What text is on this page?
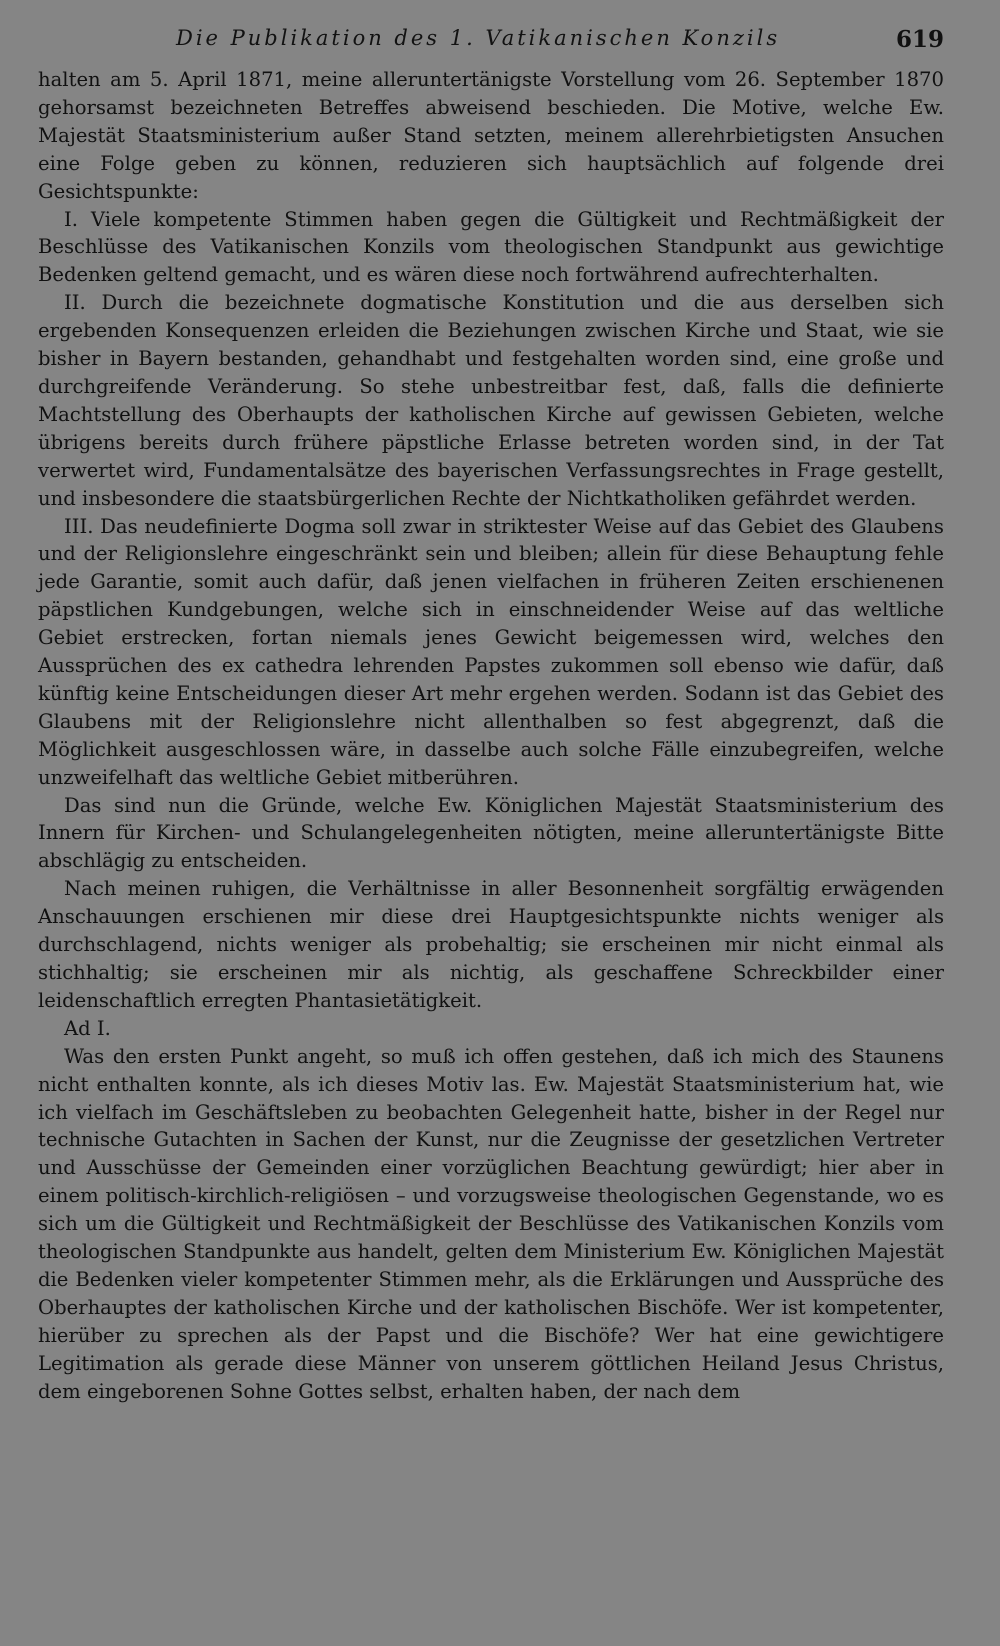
Die Publikation des 1. Vatikanischen Konzils	619

halten am 5. April 1871, meine alleruntertänigste Vorstellung vom 26. September 1870 gehorsamst bezeichneten Betreffes abweisend beschieden. Die Motive, welche Ew. Majestät Staatsministerium außer Stand setzten, meinem allerehrbietigsten Ansuchen eine Folge geben zu können, reduzieren sich hauptsächlich auf folgende drei Gesichtspunkte:

I. Viele kompetente Stimmen haben gegen die Gültigkeit und Rechtmäßigkeit der Beschlüsse des Vatikanischen Konzils vom theologischen Standpunkt aus gewichtige Bedenken geltend gemacht, und es wären diese noch fortwährend aufrechterhalten.

II. Durch die bezeichnete dogmatische Konstitution und die aus derselben sich ergebenden Konsequenzen erleiden die Beziehungen zwischen Kirche und Staat, wie sie bisher in Bayern bestanden, gehandhabt und festgehalten worden sind, eine große und durchgreifende Veränderung. So stehe unbestreitbar fest, daß, falls die definierte Machtstellung des Oberhaupts der katholischen Kirche auf gewissen Gebieten, welche übrigens bereits durch frühere päpstliche Erlasse betreten worden sind, in der Tat verwertet wird, Fundamentalsätze des bayerischen Verfassungsrechtes in Frage gestellt, und insbesondere die staatsbürgerlichen Rechte der Nichtkatholiken gefährdet werden.

III. Das neudefinierte Dogma soll zwar in striktester Weise auf das Gebiet des Glaubens und der Religionslehre eingeschränkt sein und bleiben; allein für diese Behauptung fehle jede Garantie, somit auch dafür, daß jenen vielfachen in früheren Zeiten erschienenen päpstlichen Kundgebungen, welche sich in einschneidender Weise auf das weltliche Gebiet erstrecken, fortan niemals jenes Gewicht beigemessen wird, welches den Aussprüchen des ex cathedra lehrenden Papstes zukommen soll ebenso wie dafür, daß künftig keine Entscheidungen dieser Art mehr ergehen werden. Sodann ist das Gebiet des Glaubens mit der Religionslehre nicht allenthalben so fest abgegrenzt, daß die Möglichkeit ausgeschlossen wäre, in dasselbe auch solche Fälle einzubegreifen, welche unzweifelhaft das weltliche Gebiet mitberühren.

Das sind nun die Gründe, welche Ew. Königlichen Majestät Staatsministerium des Innern für Kirchen- und Schulangelegenheiten nötigten, meine alleruntertänigste Bitte abschlägig zu entscheiden.

Nach meinen ruhigen, die Verhältnisse in aller Besonnenheit sorgfältig erwägenden Anschauungen erschienen mir diese drei Hauptgesichtspunkte nichts weniger als durchschlagend, nichts weniger als probehaltig; sie erscheinen mir nicht einmal als stichhaltig; sie erscheinen mir als nichtig, als geschaffene Schreckbilder einer leidenschaftlich erregten Phantasietätigkeit.

Ad I.

Was den ersten Punkt angeht, so muß ich offen gestehen, daß ich mich des Staunens nicht enthalten konnte, als ich dieses Motiv las. Ew. Majestät Staatsministerium hat, wie ich vielfach im Geschäftsleben zu beobachten Gelegenheit hatte, bisher in der Regel nur technische Gutachten in Sachen der Kunst, nur die Zeugnisse der gesetzlichen Vertreter und Ausschüsse der Gemeinden einer vorzüglichen Beachtung gewürdigt; hier aber in einem politisch-kirchlich-religiösen – und vorzugsweise theologischen Gegenstande, wo es sich um die Gültigkeit und Rechtmäßigkeit der Beschlüsse des Vatikanischen Konzils vom theologischen Standpunkte aus handelt, gelten dem Ministerium Ew. Königlichen Majestät die Bedenken vieler kompetenter Stimmen mehr, als die Erklärungen und Aussprüche des Oberhauptes der katholischen Kirche und der katholischen Bischöfe. Wer ist kompetenter, hierüber zu sprechen als der Papst und die Bischöfe? Wer hat eine gewichtigere Legitimation als gerade diese Männer von unserem göttlichen Heiland Jesus Christus, dem eingeborenen Sohne Gottes selbst, erhalten haben, der nach dem
